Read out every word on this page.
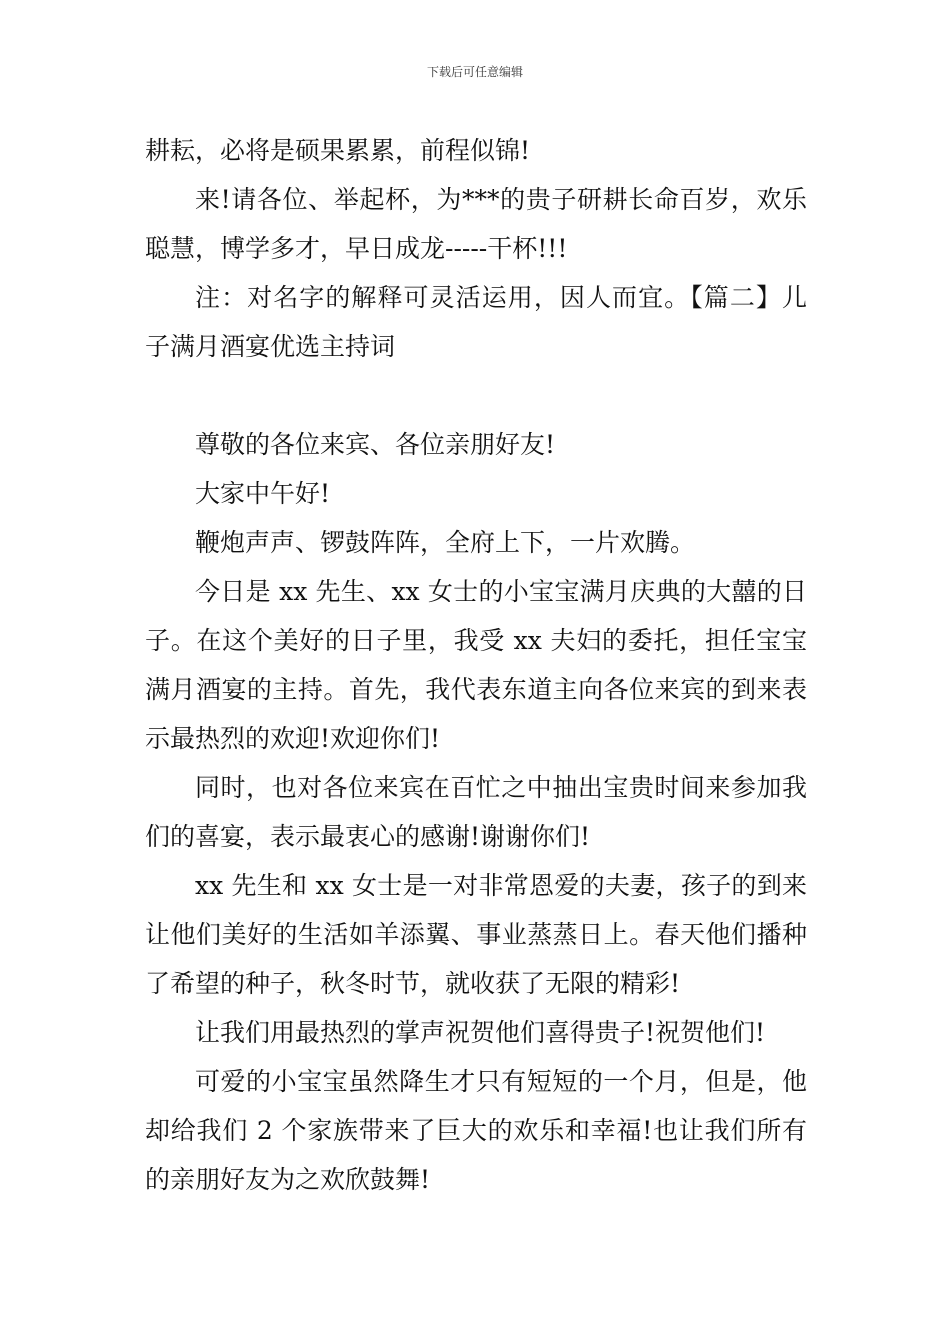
下载后可任意编辑

耕耘，必将是硕果累累，前程似锦!

来!请各位、举起杯，为***的贵子研耕长命百岁，欢乐聪慧，博学多才，早日成龙-----干杯!!!

注：对名字的解释可灵活运用，因人而宜。【篇二】儿子满月酒宴优选主持词

尊敬的各位来宾、各位亲朋好友!

大家中午好!

鞭炮声声、锣鼓阵阵，全府上下，一片欢腾。

今日是 xx 先生、xx 女士的小宝宝满月庆典的大囍的日子。在这个美好的日子里，我受 xx 夫妇的委托，担任宝宝满月酒宴的主持。首先，我代表东道主向各位来宾的到来表示最热烈的欢迎!欢迎你们!

同时，也对各位来宾在百忙之中抽出宝贵时间来参加我们的喜宴，表示最衷心的感谢!谢谢你们!

xx 先生和 xx 女士是一对非常恩爱的夫妻，孩子的到来让他们美好的生活如羊添翼、事业蒸蒸日上。春天他们播种了希望的种子，秋冬时节，就收获了无限的精彩!

让我们用最热烈的掌声祝贺他们喜得贵子!祝贺他们!

可爱的小宝宝虽然降生才只有短短的一个月，但是，他却给我们 2 个家族带来了巨大的欢乐和幸福!也让我们所有的亲朋好友为之欢欣鼓舞!
